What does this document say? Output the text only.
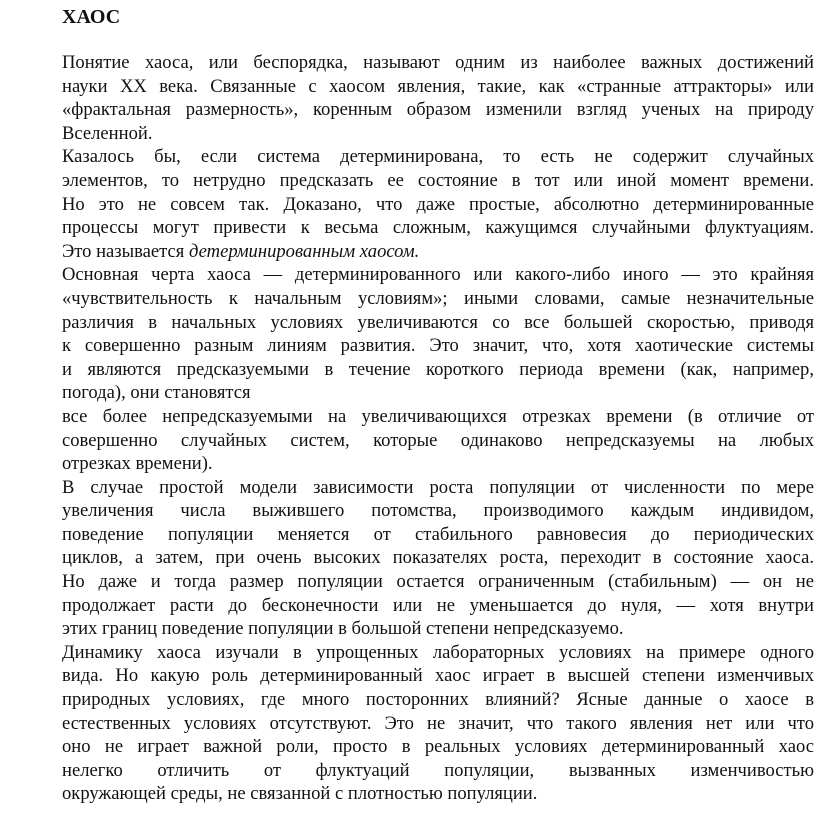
ХАОС
Понятие хаоса, или беспорядка, называют одним из наиболее важных достижений
науки XX века. Связанные с хаосом явления, такие, как «странные аттракторы» или
«фрактальная размерность», коренным образом изменили взгляд ученых на природу
Вселенной.
Казалось бы, если система детерминирована, то есть не содержит случайных
элементов, то нетрудно предсказать ее состояние в тот или иной момент времени.
Но это не совсем так. Доказано, что даже простые, абсолютно детерминированные
процессы могут привести к весьма сложным, кажущимся случайными флуктуациям.
Это называется детерминированным хаосом.
Основная черта хаоса — детерминированного или какого-либо иного — это крайняя
«чувствительность к начальным условиям»; иными словами, самые незначительные
различия в начальных условиях увеличиваются со все большей скоростью, приводя
к совершенно разным линиям развития. Это значит, что, хотя хаотические системы
и являются предсказуемыми в течение короткого периода времени (как, например,
погода), они становятся
все более непредсказуемыми на увеличивающихся отрезках времени (в отличие от
совершенно случайных систем, которые одинаково непредсказуемы на любых
отрезках времени).
В случае простой модели зависимости роста популяции от численности по мере
увеличения числа выжившего потомства, производимого каждым индивидом,
поведение популяции меняется от стабильного равновесия до периодических
циклов, а затем, при очень высоких показателях роста, переходит в состояние хаоса.
Но даже и тогда размер популяции остается ограниченным (стабильным) — он не
продолжает расти до бесконечности или не уменьшается до нуля, — хотя внутри
этих границ поведение популяции в большой степени непредсказуемо.
Динамику хаоса изучали в упрощенных лабораторных условиях на примере одного
вида. Но какую роль детерминированный хаос играет в высшей степени изменчивых
природных условиях, где много посторонних влияний? Ясные данные о хаосе в
естественных условиях отсутствуют. Это не значит, что такого явления нет или что
оно не играет важной роли, просто в реальных условиях детерминированный хаос
нелегко отличить от флуктуаций популяции, вызванных изменчивостью
окружающей среды, не связанной с плотностью популяции.
